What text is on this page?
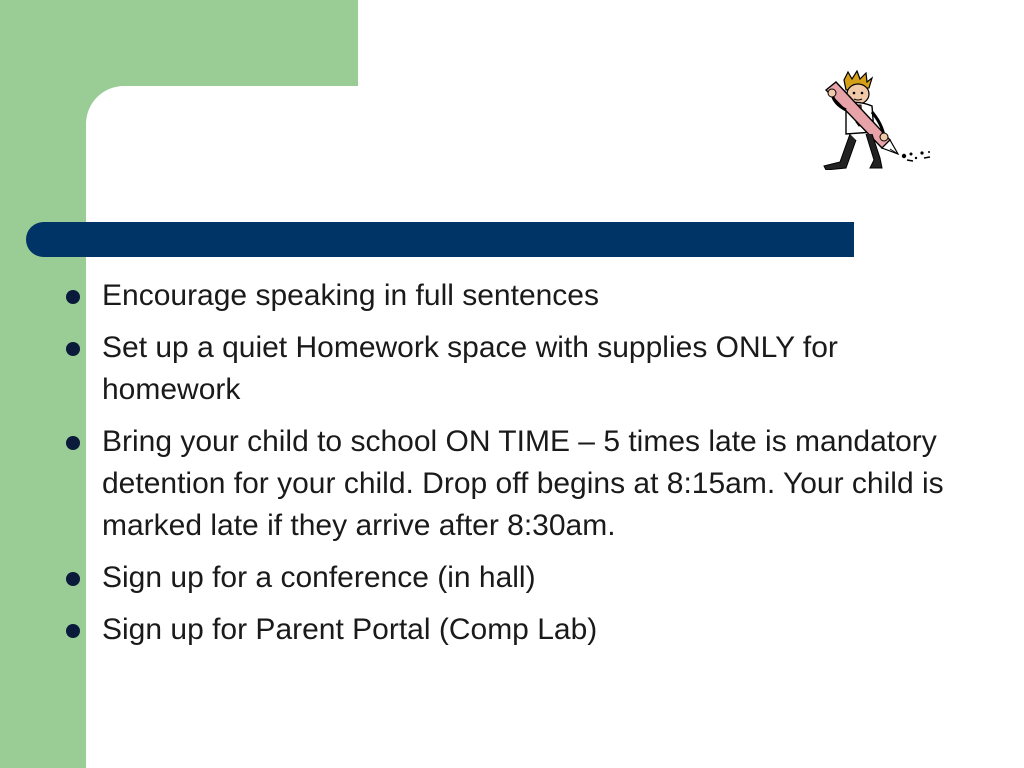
Encourage speaking in full sentences
Set up a quiet Homework space with supplies ONLY for homework
Bring your child to school ON TIME – 5 times late is mandatory detention for your child. Drop off begins at 8:15am. Your child is marked late if they arrive after 8:30am.
Sign up for a conference (in hall)
Sign up for Parent Portal (Comp Lab)
